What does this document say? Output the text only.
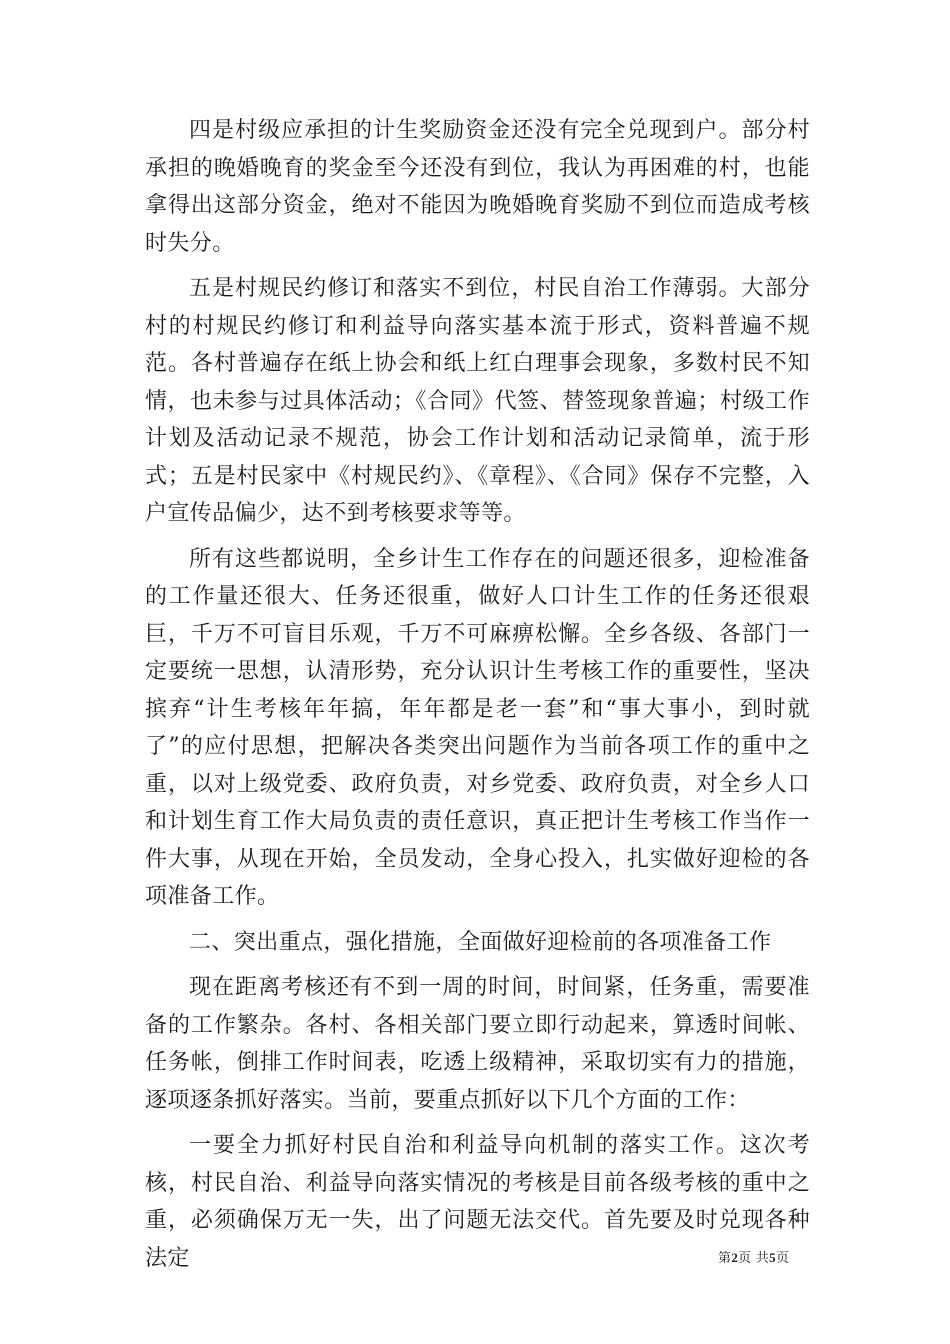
四是村级应承担的计生奖励资金还没有完全兑现到户。部分村承担的晚婚晚育的奖金至今还没有到位，我认为再困难的村，也能拿得出这部分资金，绝对不能因为晚婚晚育奖励不到位而造成考核时失分。

五是村规民约修订和落实不到位，村民自治工作薄弱。大部分村的村规民约修订和利益导向落实基本流于形式，资料普遍不规范。各村普遍存在纸上协会和纸上红白理事会现象，多数村民不知情，也未参与过具体活动；《合同》代签、替签现象普遍；村级工作计划及活动记录不规范，协会工作计划和活动记录简单，流于形式；五是村民家中《村规民约》、《章程》、《合同》保存不完整，入户宣传品偏少，达不到考核要求等等。

所有这些都说明，全乡计生工作存在的问题还很多，迎检准备的工作量还很大、任务还很重，做好人口计生工作的任务还很艰巨，千万不可盲目乐观，千万不可麻痹松懈。全乡各级、各部门一定要统一思想，认清形势，充分认识计生考核工作的重要性，坚决摈弃“计生考核年年搞，年年都是老一套”和“事大事小，到时就了”的应付思想，把解决各类突出问题作为当前各项工作的重中之重，以对上级党委、政府负责，对乡党委、政府负责，对全乡人口和计划生育工作大局负责的责任意识，真正把计生考核工作当作一件大事，从现在开始，全员发动，全身心投入，扎实做好迎检的各项准备工作。

二、突出重点，强化措施，全面做好迎检前的各项准备工作

现在距离考核还有不到一周的时间，时间紧，任务重，需要准备的工作繁杂。各村、各相关部门要立即行动起来，算透时间帐、任务帐，倒排工作时间表，吃透上级精神，采取切实有力的措施，逐项逐条抓好落实。当前，要重点抓好以下几个方面的工作：

一要全力抓好村民自治和利益导向机制的落实工作。这次考核，村民自治、利益导向落实情况的考核是目前各级考核的重中之重，必须确保万无一失，出了问题无法交代。首先要及时兑现各种法定	第2页 共5页
